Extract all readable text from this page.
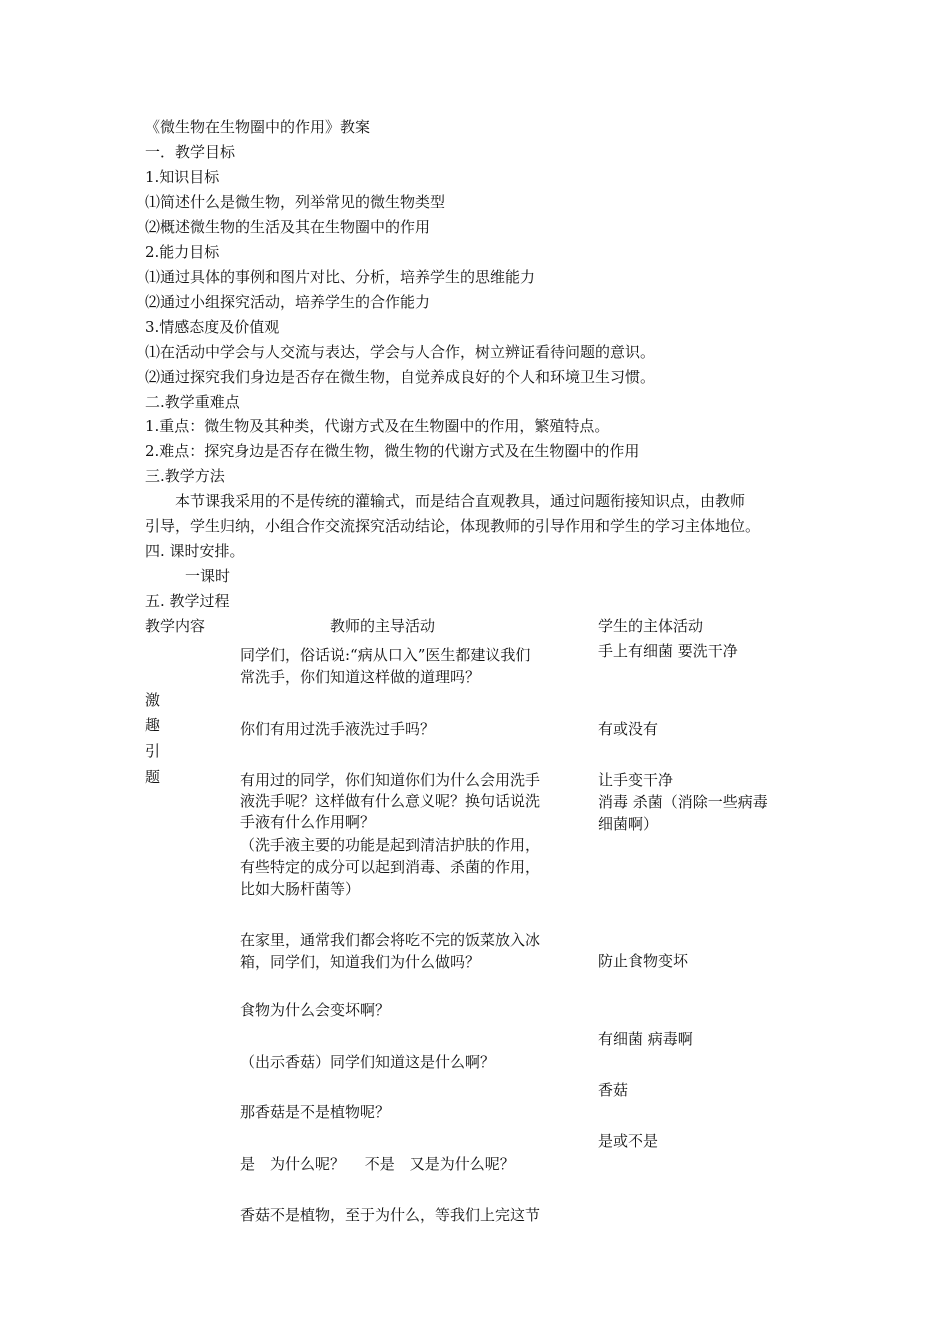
《微生物在生物圈中的作用》教案
一．教学目标
1.知识目标
⑴简述什么是微生物，列举常见的微生物类型
⑵概述微生物的生活及其在生物圈中的作用
2.能力目标
⑴通过具体的事例和图片对比、分析，培养学生的思维能力
⑵通过小组探究活动，培养学生的合作能力
3.情感态度及价值观
⑴在活动中学会与人交流与表达，学会与人合作，树立辨证看待问题的意识。
⑵通过探究我们身边是否存在微生物，自觉养成良好的个人和环境卫生习惯。
二.教学重难点
1.重点：微生物及其种类，代谢方式及在生物圈中的作用，繁殖特点。
2.难点：探究身边是否存在微生物，微生物的代谢方式及在生物圈中的作用
三.教学方法
本节课我采用的不是传统的灌输式，而是结合直观教具，通过问题衔接知识点，由教师
引导，学生归纳，小组合作交流探究活动结论，体现教师的引导作用和学生的学习主体地位。
四. 课时安排。
一课时
五. 教学过程
教学内容	教师的主导活动	学生的主体活动
激
趣
引
题
同学们，俗话说:“病从口入”医生都建议我们
常洗手，你们知道这样做的道理吗？
你们有用过洗手液洗过手吗？
有用过的同学，你们知道你们为什么会用洗手
液洗手呢？这样做有什么意义呢？换句话说洗
手液有什么作用啊？
（洗手液主要的功能是起到清洁护肤的作用，
有些特定的成分可以起到消毒、杀菌的作用，
比如大肠杆菌等）
在家里，通常我们都会将吃不完的饭菜放入冰
箱，同学们，知道我们为什么做吗？
食物为什么会变坏啊？
（出示香菇）同学们知道这是什么啊？
那香菇是不是植物呢？
是　为什么呢？　 不是　又是为什么呢？
香菇不是植物，至于为什么，等我们上完这节
手上有细菌 要洗干净
有或没有
让手变干净
消毒 杀菌（消除一些病毒
细菌啊）
防止食物变坏
有细菌 病毒啊
香菇
是或不是
